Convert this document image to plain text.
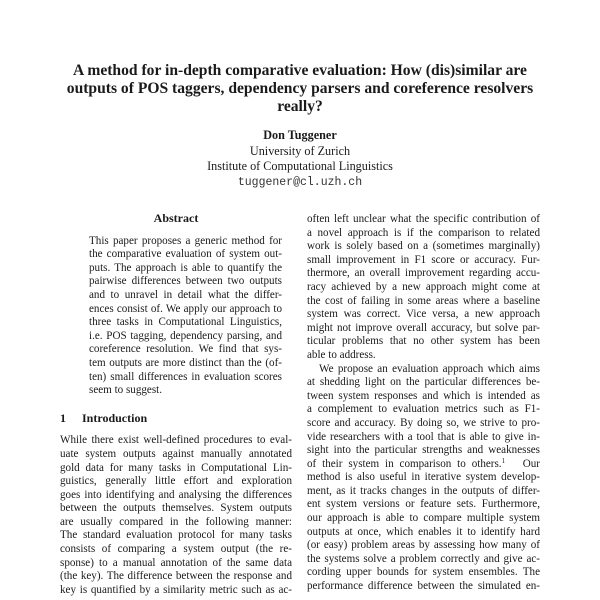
A method for in-depth comparative evaluation: How (dis)similar are
outputs of POS taggers, dependency parsers and coreference resolvers
really?
Don Tuggener
University of Zurich
Institute of Computational Linguistics
tuggener@cl.uzh.ch
Abstract
This paper proposes a generic method for
the comparative evaluation of system out-
puts. The approach is able to quantify the
pairwise differences between two outputs
and to unravel in detail what the differ-
ences consist of. We apply our approach to
three tasks in Computational Linguistics,
i.e. POS tagging, dependency parsing, and
coreference resolution. We find that sys-
tem outputs are more distinct than the (of-
ten) small differences in evaluation scores
seem to suggest.
1 Introduction
While there exist well-defined procedures to eval-
uate system outputs against manually annotated
gold data for many tasks in Computational Lin-
guistics, generally little effort and exploration
goes into identifying and analysing the differences
between the outputs themselves. System outputs
are usually compared in the following manner:
The standard evaluation protocol for many tasks
consists of comparing a system output (the re-
sponse) to a manual annotation of the same data
(the key). The difference between the response and
key is quantified by a similarity metric such as ac-
often left unclear what the specific contribution of
a novel approach is if the comparison to related
work is solely based on a (sometimes marginally)
small improvement in F1 score or accuracy. Fur-
thermore, an overall improvement regarding accu-
racy achieved by a new approach might come at
the cost of failing in some areas where a baseline
system was correct. Vice versa, a new approach
might not improve overall accuracy, but solve par-
ticular problems that no other system has been
able to address.
We propose an evaluation approach which aims
at shedding light on the particular differences be-
tween system responses and which is intended as
a complement to evaluation metrics such as F1-
score and accuracy. By doing so, we strive to pro-
vide researchers with a tool that is able to give in-
sight into the particular strengths and weaknesses
of their system in comparison to others.$^1$ Our
method is also useful in iterative system develop-
ment, as it tracks changes in the outputs of differ-
ent system versions or feature sets. Furthermore,
our approach is able to compare multiple system
outputs at once, which enables it to identify hard
(or easy) problem areas by assessing how many of
the systems solve a problem correctly and give ac-
cording upper bounds for system ensembles. The
performance difference between the simulated en-
